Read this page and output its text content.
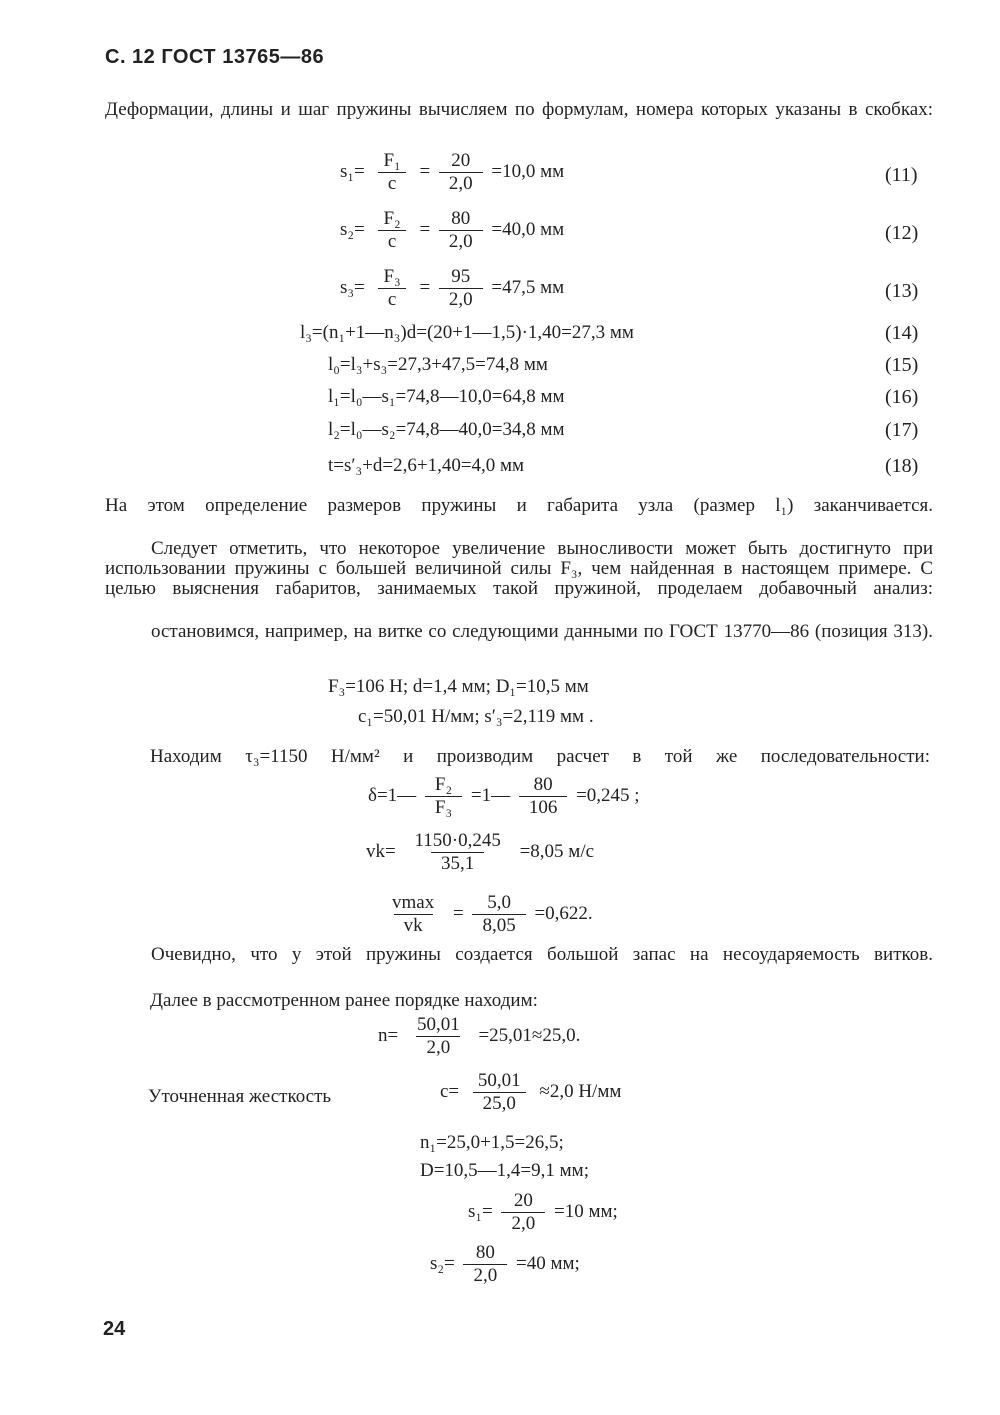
С. 12 ГОСТ 13765—86
Деформации, длины и шаг пружины вычисляем по формулам, номера которых указаны в скобках:
$s_1= \frac{\text{F₁}}{c} = \frac{20}{2,0} =10,0$ мм	(11)
$s_2= \frac{\text{F₂}}{c} = \frac{80}{2,0} =40,0$ мм	(12)
$s_3= \frac{\text{F₃}}{c} = \frac{95}{2,0} =47,5$ мм	(13)
l₃=(n₁+1—n₃)d=(20+1—1,5)·1,40=27,3 мм	(14)
l₀=l₃+s₃=27,3+47,5=74,8 мм	(15)
l₁=l₀—s₁=74,8—10,0=64,8 мм	(16)
l₂=l₀—s₂=74,8—40,0=34,8 мм	(17)
t=s′₃+d=2,6+1,40=4,0 мм	(18)
На этом определение размеров пружины и габарита узла (размер l₁) заканчивается.
Следует отметить, что некоторое увеличение выносливости может быть достигнуто при использовании пружины с большей величиной силы F₃, чем найденная в настоящем примере. С целью выяснения габаритов, занимаемых такой пружиной, проделаем добавочный анализ:
остановимся, например, на витке со следующими данными по ГОСТ 13770—86 (позиция 313).
F₃=106 Н; d=1,4 мм; D₁=10,5 мм
c₁=50,01 Н/мм; s′₃=2,119 мм .
Находим τ₃=1150 Н/мм² и производим расчет в той же последовательности:
δ=1— $\frac{\text{F₂}}{\text{F₃}}$ =1— $\frac{80}{106} =0,245$ ;
$vk= \frac{1150\cdot 0,245}{35,1} =8,05$ м/с
$\frac{vmax}{vk} = \frac{5,0}{8,05} =0,622$.
Очевидно, что у этой пружины создается большой запас на несоударяемость витков.
Далее в рассмотренном ранее порядке находим:
$n= \frac{50,01}{2,0} =25,01\approx 25,0$.
Уточненная жесткость	$c= \frac{50,01}{25,0} \approx 2,0$ Н/мм
n₁=25,0+1,5=26,5;
D=10,5—1,4=9,1 мм;
$s_1= \frac{20}{2,0} =10$ мм;
$s_2= \frac{80}{2,0} =40$ мм;
24
